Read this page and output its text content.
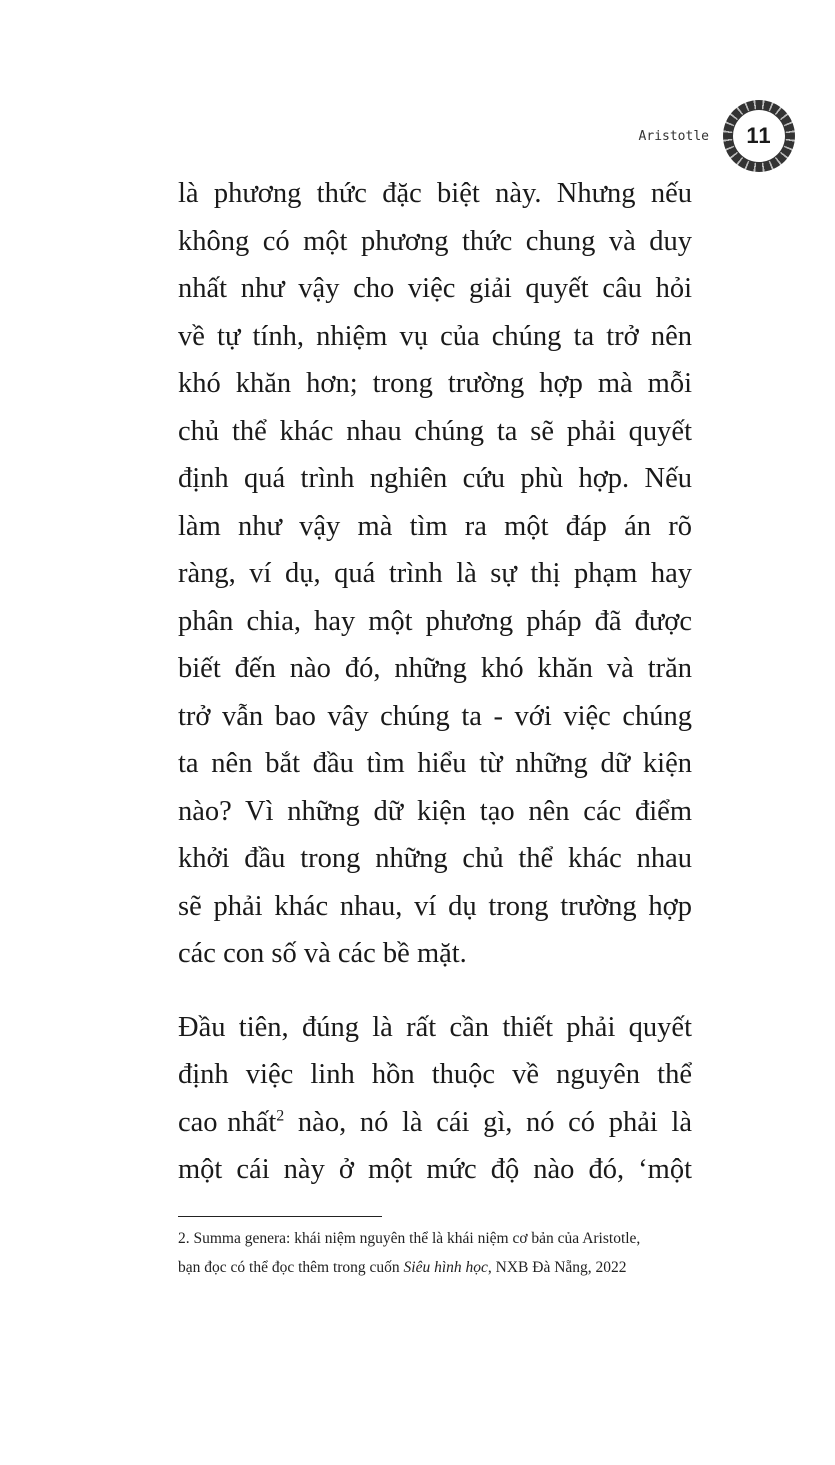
Aristotle 11
là phương thức đặc biệt này. Nhưng nếu
không có một phương thức chung và duy
nhất như vậy cho việc giải quyết câu hỏi
về tự tính, nhiệm vụ của chúng ta trở nên
khó khăn hơn; trong trường hợp mà mỗi
chủ thể khác nhau chúng ta sẽ phải quyết
định quá trình nghiên cứu phù hợp. Nếu
làm như vậy mà tìm ra một đáp án rõ
ràng, ví dụ, quá trình là sự thị phạm hay
phân chia, hay một phương pháp đã được
biết đến nào đó, những khó khăn và trăn
trở vẫn bao vây chúng ta - với việc chúng
ta nên bắt đầu tìm hiểu từ những dữ kiện
nào? Vì những dữ kiện tạo nên các điểm
khởi đầu trong những chủ thể khác nhau
sẽ phải khác nhau, ví dụ trong trường hợp
các con số và các bề mặt.
Đầu tiên, đúng là rất cần thiết phải quyết
định việc linh hồn thuộc về nguyên thể
cao nhất$^2$ nào, nó là cái gì, nó có phải là
một cái này ở một mức độ nào đó, ‘một
2. Summa genera: khái niệm nguyên thể là khái niệm cơ bản của Aristotle,
bạn đọc có thể đọc thêm trong cuốn Siêu hình học, NXB Đà Nẵng, 2022
